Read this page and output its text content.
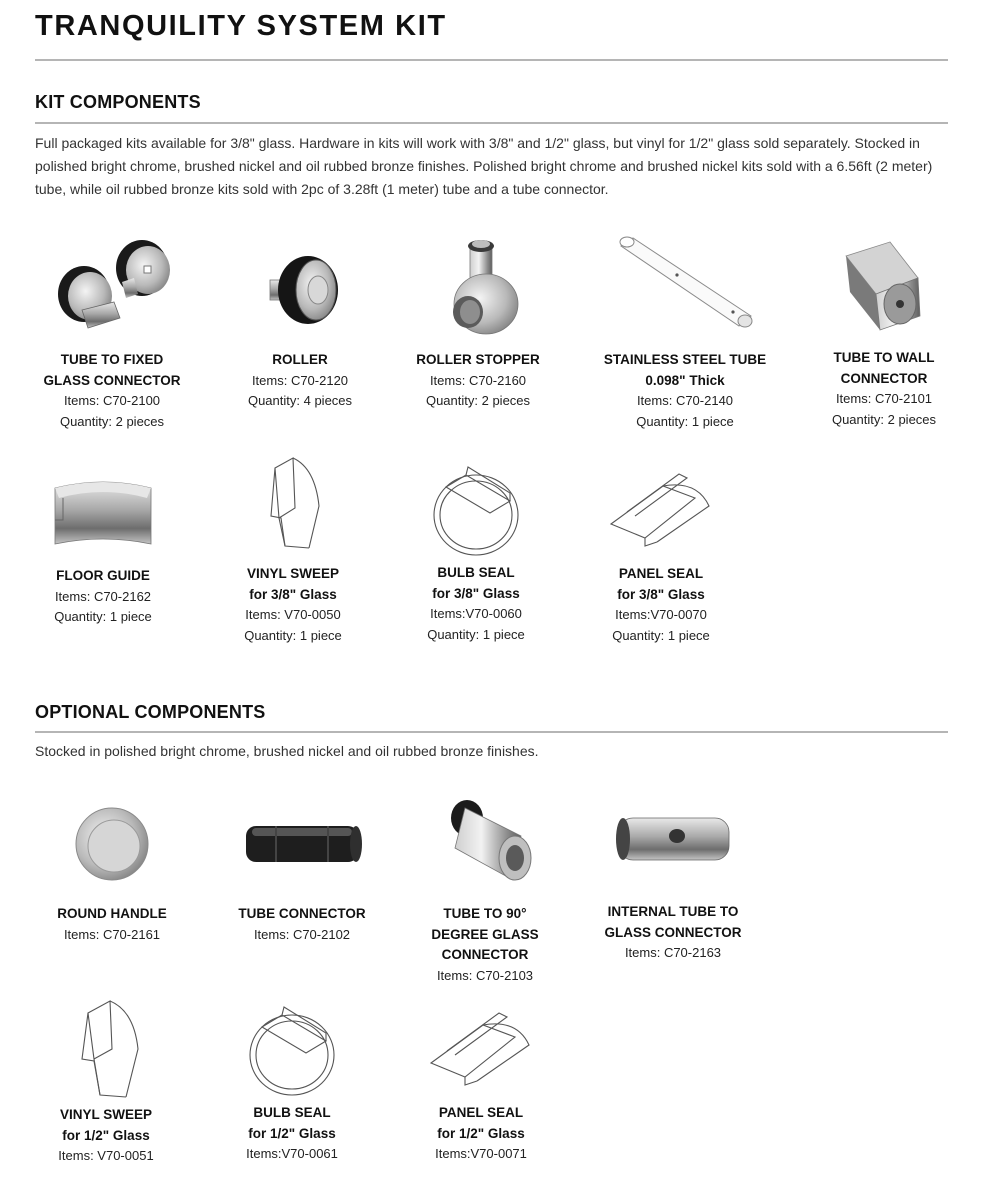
TRANQUILITY SYSTEM KIT
KIT COMPONENTS

Full packaged kits available for 3/8" glass. Hardware in kits will work with 3/8" and 1/2" glass, but vinyl for 1/2" glass sold separately. Stocked in polished bright chrome, brushed nickel and oil rubbed bronze finishes. Polished bright chrome and brushed nickel kits sold with a 6.56ft (2 meter) tube, while oil rubbed bronze kits sold with 2pc of 3.28ft (1 meter) tube and a tube connector.

TUBE TO FIXED
GLASS CONNECTOR
Items: C70-2100
Quantity: 2 pieces
ROLLER
Items: C70-2120
Quantity: 4 pieces
ROLLER STOPPER
Items: C70-2160
Quantity: 2 pieces
STAINLESS STEEL TUBE
0.098" Thick
Items: C70-2140
Quantity: 1 piece
TUBE TO WALL
CONNECTOR
Items: C70-2101
Quantity: 2 pieces
FLOOR GUIDE
Items: C70-2162
Quantity: 1 piece
VINYL SWEEP
for 3/8" Glass
Items: V70-0050
Quantity: 1 piece
BULB SEAL
for 3/8" Glass
Items:V70-0060
Quantity: 1 piece
PANEL SEAL
for 3/8" Glass
Items:V70-0070
Quantity: 1 piece
OPTIONAL COMPONENTS

Stocked in polished bright chrome, brushed nickel and oil rubbed bronze finishes.

ROUND HANDLE
Items: C70-2161
TUBE CONNECTOR
Items: C70-2102
TUBE TO 90°
DEGREE GLASS
CONNECTOR
Items: C70-2103
INTERNAL TUBE TO
GLASS CONNECTOR
Items: C70-2163
VINYL SWEEP
for 1/2" Glass
Items: V70-0051
BULB SEAL
for 1/2" Glass
Items:V70-0061
PANEL SEAL
for 1/2" Glass
Items:V70-0071
